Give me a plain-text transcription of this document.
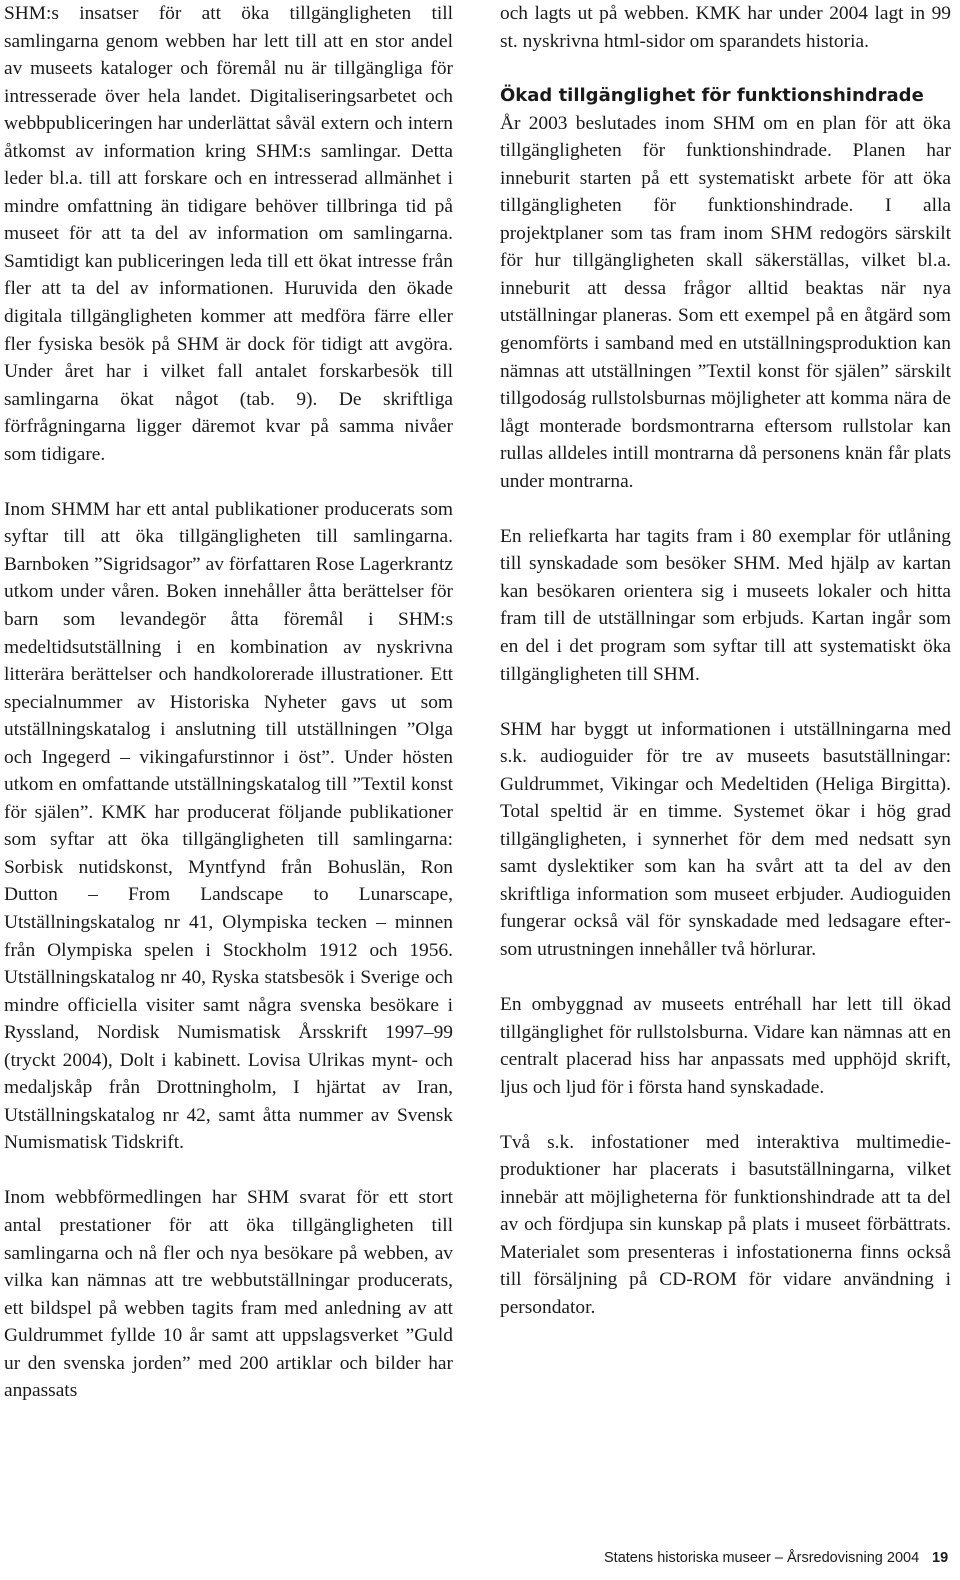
SHM:s insatser för att öka tillgängligheten till samlingarna genom webben har lett till att en stor andel av museets kataloger och föremål nu är tillgängliga för intresserade över hela landet. Digitaliseringsarbetet och webbpubliceringen har underlättat såväl extern och intern åtkomst av information kring SHM:s samlingar. Detta leder bl.a. till att forskare och en intresserad allmänhet i mindre omfattning än tidigare behöver tillbringa tid på museet för att ta del av information om samlingarna. Samtidigt kan publiceringen leda till ett ökat intresse från fler att ta del av informationen. Huruvida den ökade digitala tillgängligheten kommer att medföra färre eller fler fysiska besök på SHM är dock för tidigt att avgöra. Under året har i vilket fall antalet forskarbesök till samlingarna ökat något (tab. 9). De skriftliga förfrågningarna ligger däremot kvar på samma nivåer som tidigare.

Inom SHMM har ett antal publikationer producerats som syftar till att öka tillgängligheten till samlingarna. Barnboken ”Sigridsagor” av författaren Rose Lagerkrantz utkom under våren. Boken innehåller åtta berättelser för barn som levandegör åtta föremål i SHM:s medeltidsutställning i en kombination av nyskrivna litterära berättelser och handkolorerade illustrationer. Ett specialnummer av Historiska Nyheter gavs ut som utställningskatalog i anslutning till utställningen ”Olga och Ingegerd – vikingafurstinnor i öst”. Under hösten utkom en omfattande utställningskatalog till ”Textil konst för själen”. KMK har producerat följande publikationer som syftar att öka tillgängligheten till samlingarna: Sorbisk nutidskonst, Myntfynd från Bohuslän, Ron Dutton – From Landscape to Lunarscape, Utställningskatalog nr 41, Olympiska tecken – minnen från Olympiska spelen i Stockholm 1912 och 1956. Utställningskatalog nr 40, Ryska statsbesök i Sverige och mindre officiella visiter samt några svenska besökare i Ryssland, Nordisk Numismatisk Årsskrift 1997–99 (tryckt 2004), Dolt i kabinett. Lovisa Ulrikas mynt- och medaljskåp från Drottningholm, I hjärtat av Iran, Utställningskatalog nr 42, samt åtta nummer av Svensk Numismatisk Tidskrift.

Inom webbförmedlingen har SHM svarat för ett stort antal prestationer för att öka tillgängligheten till samlingarna och nå fler och nya besökare på webben, av vilka kan nämnas att tre webbutställningar producerats, ett bildspel på webben tagits fram med anledning av att Guldrummet fyllde 10 år samt att uppslagsverket ”Guld ur den svenska jorden” med 200 artiklar och bilder har anpassats

och lagts ut på webben. KMK har under 2004 lagt in 99 st. nyskrivna html-sidor om sparandets historia.

Ökad tillgänglighet för funktionshindrade

År 2003 beslutades inom SHM om en plan för att öka tillgängligheten för funktionshindrade. Planen har inneburit starten på ett systematiskt arbete för att öka tillgängligheten för funktionshindrade. I alla projektplaner som tas fram inom SHM redogörs särskilt för hur tillgängligheten skall säkerställas, vilket bl.a. inneburit att dessa frågor alltid beaktas när nya utställningar planeras. Som ett exempel på en åtgärd som genomförts i samband med en utställningsproduktion kan nämnas att utställningen ”Textil konst för själen” särskilt tillgodoság rullstolsburnas möjligheter att komma nära de lågt monterade bordsmontrarna eftersom rullstolar kan rullas alldeles intill montrarna då personens knän får plats under montrarna.

En reliefkarta har tagits fram i 80 exemplar för utlåning till synskadade som besöker SHM. Med hjälp av kartan kan besökaren orientera sig i museets lokaler och hitta fram till de utställningar som erbjuds. Kartan ingår som en del i det program som syftar till att systematiskt öka tillgängligheten till SHM.

SHM har byggt ut informationen i utställningarna med s.k. audioguider för tre av museets basutställningar: Guldrummet, Vikingar och Medeltiden (Heliga Birgitta). Total speltid är en timme. Systemet ökar i hög grad tillgängligheten, i synnerhet för dem med nedsatt syn samt dyslektiker som kan ha svårt att ta del av den skriftliga information som museet erbjuder. Audioguiden fungerar också väl för synskadade med ledsagare eftersom utrustningen innehåller två hörlurar.

En ombyggnad av museets entréhall har lett till ökad tillgänglighet för rullstolsburna. Vidare kan nämnas att en centralt placerad hiss har anpassats med upphöjd skrift, ljus och ljud för i första hand synskadade.

Två s.k. infostationer med interaktiva multimedieproduktioner har placerats i basutställningarna, vilket innebär att möjligheterna för funktionshindrade att ta del av och fördjupa sin kunskap på plats i museet förbättrats. Materialet som presenteras i infostationerna finns också till försäljning på CD-ROM för vidare användning i persondator.

Statens historiska museer – Årsredovisning 2004 19
